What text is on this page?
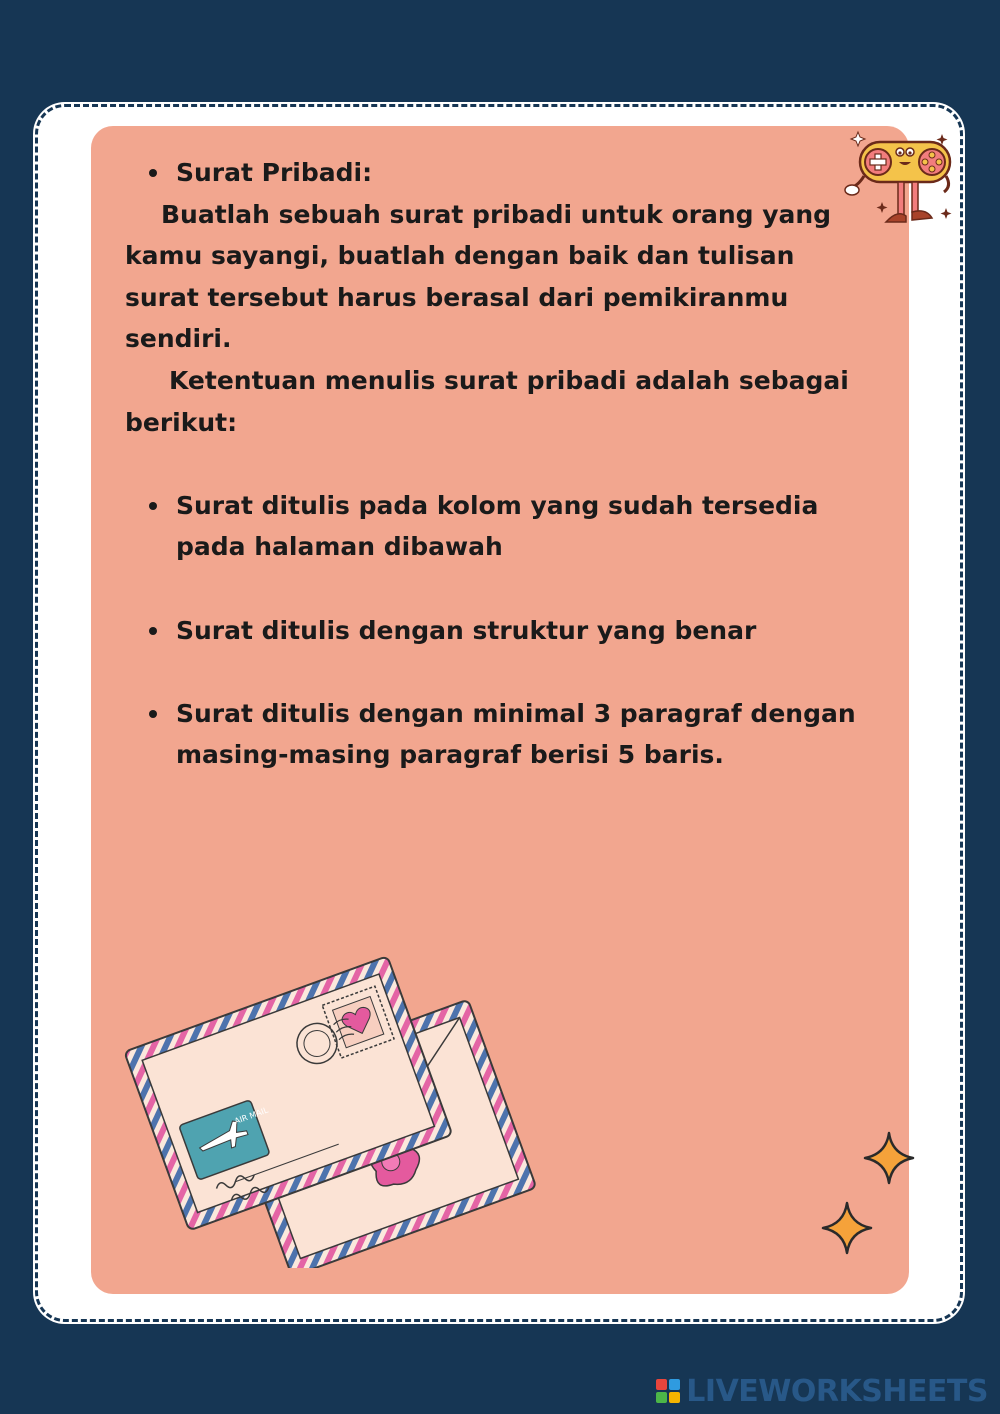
Surat Pribadi:

Buatlah sebuah surat pribadi untuk orang yang kamu sayangi, buatlah dengan baik dan tulisan surat tersebut harus berasal dari pemikiranmu sendiri.

Ketentuan menulis surat pribadi adalah sebagai berikut:

Surat ditulis pada kolom yang sudah tersedia pada halaman dibawah

Surat ditulis dengan struktur yang benar

Surat ditulis dengan minimal 3 paragraf dengan masing-masing paragraf berisi 5 baris.

AIR MAIL
LIVEWORKSHEETS
